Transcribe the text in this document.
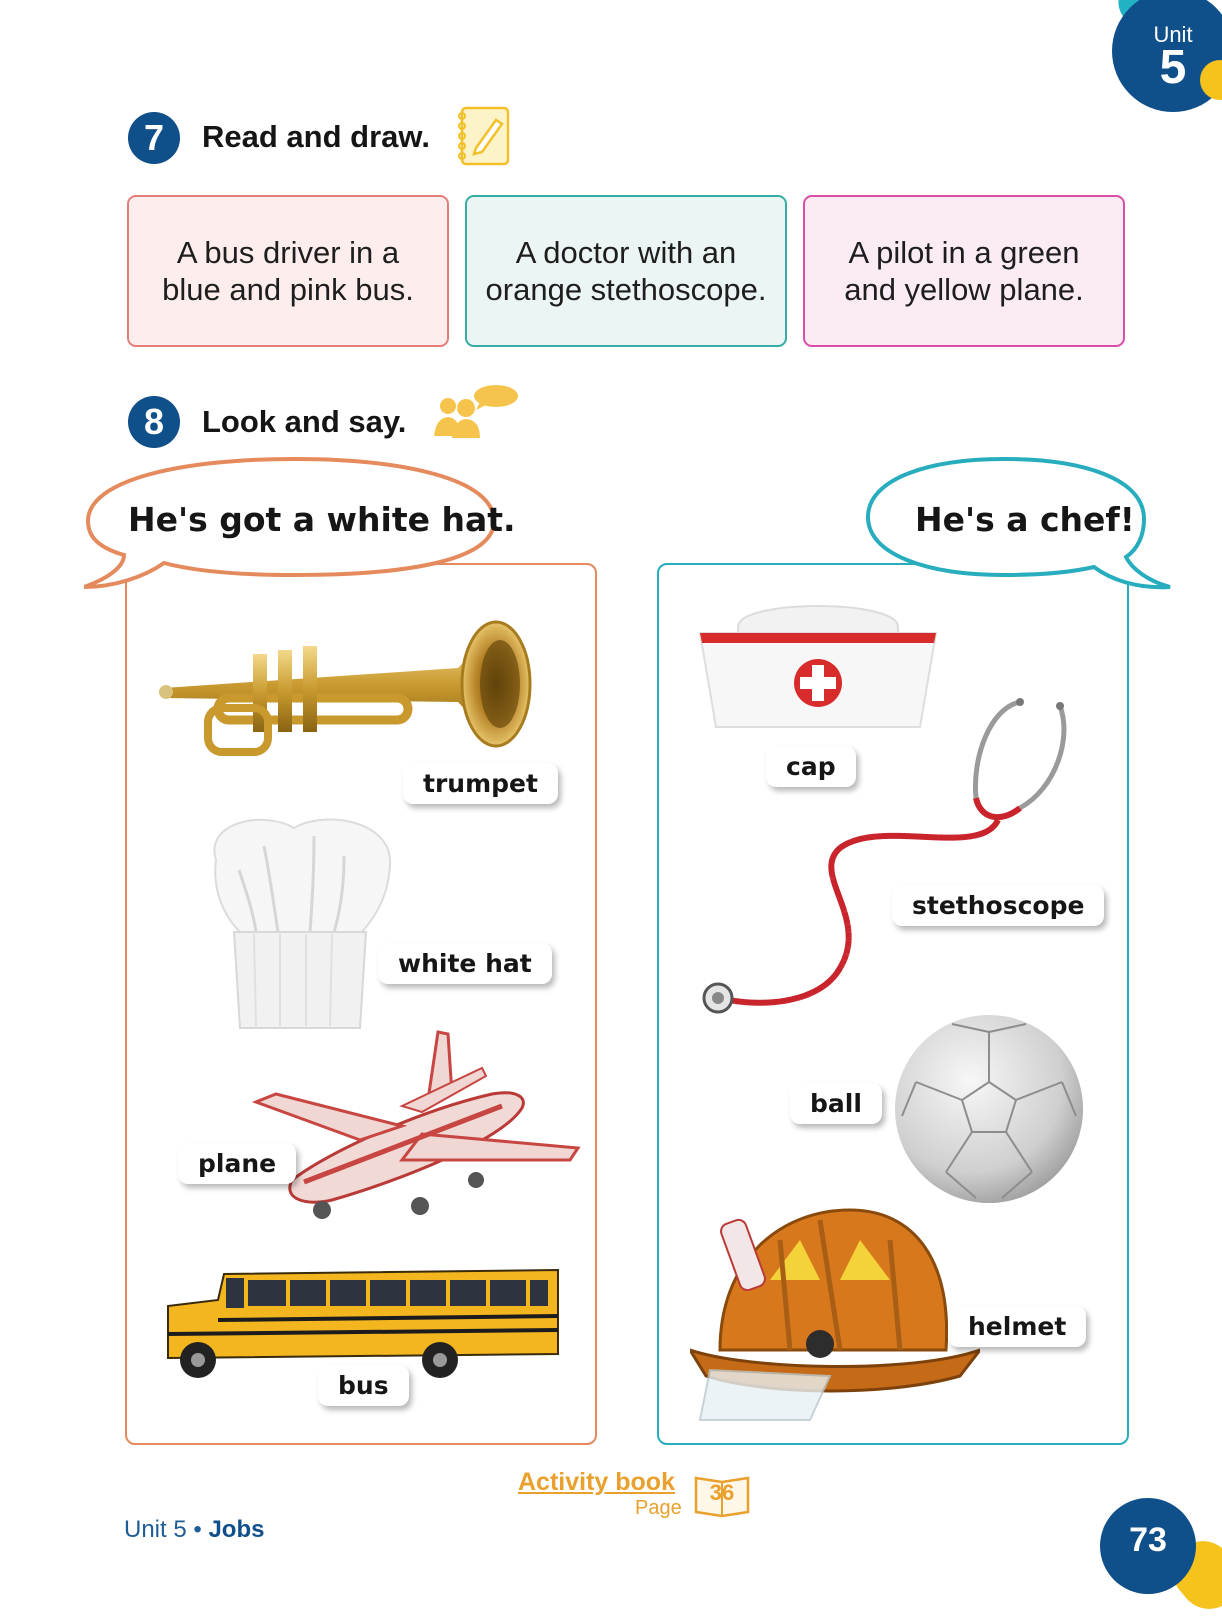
Unit
5
7	Read and draw.
A bus driver in a
blue and pink bus.
A doctor with an
orange stethoscope.
A pilot in a green
and yellow plane.
8	Look and say.
He's got a white hat.	He's a chef!
trumpet
white hat
plane
bus
cap
stethoscope
ball
helmet
Activity book
Page
36
Unit 5 • Jobs	73
